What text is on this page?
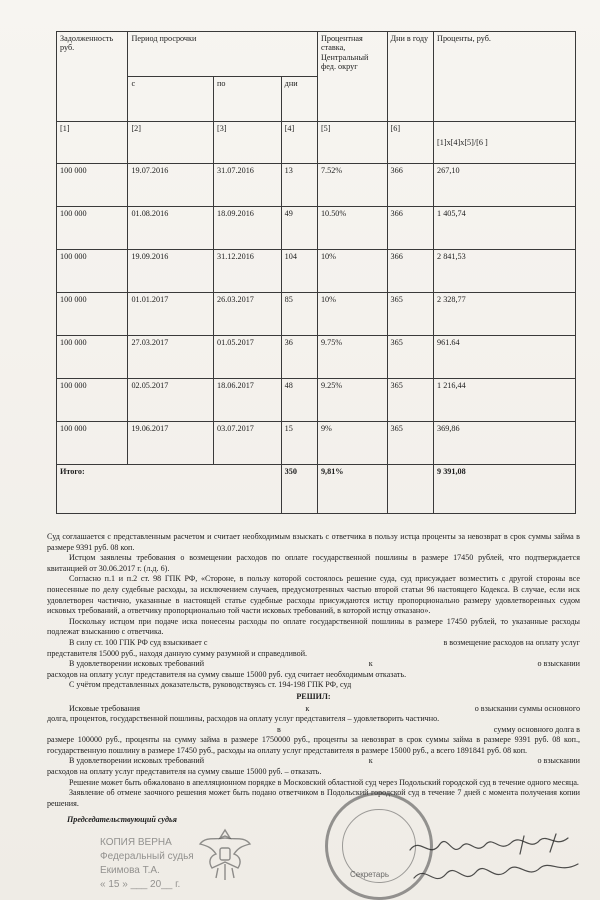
Задолженность руб.	Период просрочки			Процентная ставка, Центральный фед. округ	Дни в году	Проценты, руб.
	с	по	дни			
[1]	[2]	[3]	[4]	[5]	[6]	[1]х[4]х[5]/[6 ]

100 000	19.07.2016	31.07.2016	13	7.52%	366	267,10
100 000	01.08.2016	18.09.2016	49	10.50%	366	1 405,74
100 000	19.09.2016	31.12.2016	104	10%	366	2 841,53
100 000	01.01.2017	26.03.2017	85	10%	365	2 328,77
100 000	27.03.2017	01.05.2017	36	9.75%	365	961.64
100 000	02.05.2017	18.06.2017	48	9.25%	365	1 216,44
100 000	19.06.2017	03.07.2017	15	9%	365	369,86
Итого:			350	9,81%		9 391,08

Суд соглашается с представленным расчетом и считает необходимым взыскать с ответчика в пользу истца проценты за невозврат в срок суммы займа в размере 9391 руб. 08 коп.

Истцом заявлены требования о возмещении расходов по оплате государственной пошлины в размере 17450 рублей, что подтверждается квитанцией от 30.06.2017 г. (л.д. 6).

Согласно п.1 и п.2 ст. 98 ГПК РФ, «Стороне, в пользу которой состоялось решение суда, суд присуждает возместить с другой стороны все понесенные по делу судебные расходы, за исключением случаев, предусмотренных частью второй статьи 96 настоящего Кодекса. В случае, если иск удовлетворен частично, указанные в настоящей статье судебные расходы присуждаются истцу пропорционально размеру удовлетворенных судом исковых требований, а ответчику пропорционально той части исковых требований, в которой истцу отказано».

Поскольку истцом при подаче иска понесены расходы по оплате государственной пошлины в размере 17450 рублей, то указанные расходы подлежат взысканию с ответчика.

В силу ст. 100 ГПК РФ суд взыскивает с	в возмещение расходов на оплату услуг

представителя 15000 руб., находя данную сумму разумной и справедливой.

В удовлетворении исковых требований	к	о взыскании

расходов на оплату услуг представителя на сумму свыше 15000 руб. суд считает необходимым отказать.

С учётом представленных доказательств, руководствуясь ст. 194-198 ГПК РФ, суд

РЕШИЛ:

Исковые требования	к	о взыскании суммы основного

долга, процентов, государственной пошлины, расходов на оплату услуг представителя – удовлетворить частично.

в	сумму основного долга в

размере 100000 руб., проценты на сумму займа в размере 1750000 руб., проценты за невозврат в срок суммы займа в размере 9391 руб. 08 коп., государственную пошлину в размере 17450 руб., расходы на оплату услуг представителя в размере 15000 руб., а всего 1891841 руб. 08 коп.

В удовлетворении исковых требований	к	о взыскании

расходов на оплату услуг представителя на сумму свыше 15000 руб. – отказать.

Решение может быть обжаловано в апелляционном порядке в Московский областной суд через Подольский городской суд в течение одного месяца.

Заявление об отмене заочного решения может быть подано ответчиком в Подольский городской суд в течение 7 дней с момента получения копии решения.

Председательствующий судья

КОПИЯ ВЕРНА
Федеральный судья
Екимова Т.А.
« 15 » ___ 20__ г.
Секретарь
